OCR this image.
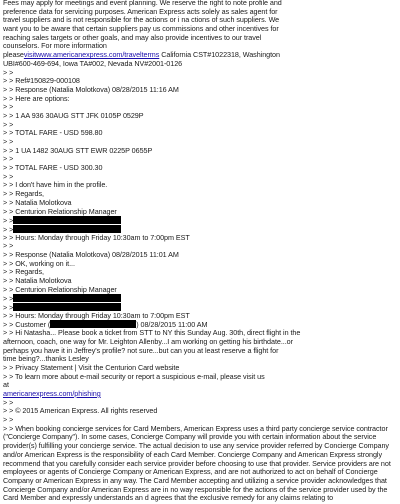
Fees may apply for meetings and event planning. We reserve the right to note profile and
preference data for servicing purposes. American Express acts solely as sales agent for
travel suppliers and is not responsible for the actions or i na ctions of such suppliers. We
want you to be aware that certain suppliers pay us commissions and other incentives for
reaching sales targets or other goals, and may also provide incentives to our travel
counselors. For more information
pleasevisitwww.americanexpress.com/travelterms California CST#1022318, Washington
UBI#600-469-694, Iowa TA#002, Nevada NV#2001-0126
> >
> > Ref#150829-000108
> > Response (Natalia Molotkova) 08/28/2015 11:16 AM
> > Here are options:
> >
> > 1 AA 936 30AUG STT JFK 0105P 0529P
> >
> > TOTAL FARE - USD 598.80
> >
> > 1 UA 1482 30AUG STT EWR 0225P 0655P
> >
> > TOTAL FARE - USD 300.30
> >
> > I don't have him in the profile.
> > Regards,
> > Natalia Molotkova
> > Centurion Relationship Manager
> >
> >
> > Hours: Monday through Friday 10:30am to 7:00pm EST
> >
> > Response (Natalia Molotkova) 08/28/2015 11:01 AM
> > OK, working on it...
> > Regards,
> > Natalia Molotkova
> > Centurion Relationship Manager
> >
> >
> > Hours: Monday through Friday 10:30am to 7:00pm EST
> > Customer (	) 08/28/2015 11:00 AM
> > Hi Natasha... Please book a ticket from STT to NY this Sunday Aug. 30th, direct flight in the
afternoon, coach, one way for Mr. Leighton Allenby...I am working on getting his birthdate...or
perhaps you have it in Jeffrey's profile? not sure...but can you at least reserve a flight for
time being?...thanks Lesley
> > Privacy Statement | Visit the Centurion Card website
> > To learn more about e-mail security or report a suspicious e-mail, please visit us
at
americanexpress.com/phishing
> >
> > © 2015 American Express. All rights reserved
> >
> > When booking concierge services for Card Members, American Express uses a third party concierge service contractor ("Concierge Company"). In some cases, Concierge Company will provide you with certain information about the service provider(s) fulfilling your concierge service. The actual decision to use any service provider referred by Concierge Company and/or American Express is the responsibility of each Card Member. Concierge Company and American Express strongly recommend that you carefully consider each service provider before choosing to use that provider. Service providers are not employees or agents of Concierge Company or American Express, and are not authorized to act on behalf of Concierge Company or American Express in any way. The Card Member accepting and utilizing a service provider acknowledges that Concierge Company and/or American Express are in no way responsible for the actions of the service provider used by the Card Member and expressly understands an d agrees that the exclusive remedy for any claims relating to
